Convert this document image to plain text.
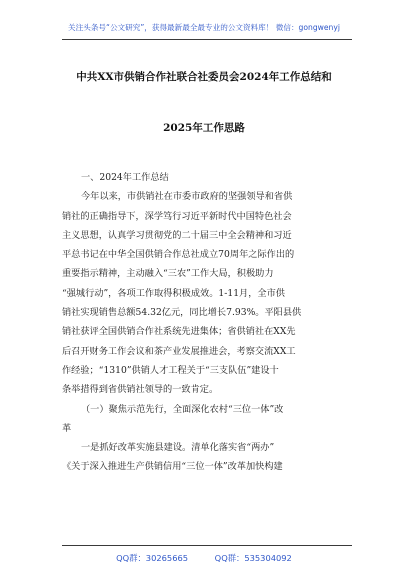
关注头条号“公文研究”，获得最新最全最专业的公文资料库！ 微信：gongwenyj
中共XX市供销合作社联合社委员会2024年工作总结和
2025年工作思路
一、2024年工作总结
今年以来，市供销社在市委市政府的坚强领导和省供
销社的正确指导下，深学笃行习近平新时代中国特色社会
主义思想，认真学习贯彻党的二十届三中全会精神和习近
平总书记在中华全国供销合作总社成立70周年之际作出的
重要指示精神，主动融入“三农”工作大局，积极助力
“强城行动”，各项工作取得积极成效。1-11月，全市供
销社实现销售总额54.32亿元，同比增长7.93%。平阳县供
销社获评全国供销合作社系统先进集体；省供销社在XX先
后召开财务工作会议和茶产业发展推进会，考察交流XX工
作经验；“1310”供销人才工程关于“三支队伍”建设十
条举措得到省供销社领导的一致肯定。
（一）聚焦示范先行，全面深化农村“三位一体”改
革
一是抓好改革实施县建设。清单化落实省“两办”
《关于深入推进生产供销信用“三位一体”改革加快构建
QQ群：30265665	QQ群：535304092
